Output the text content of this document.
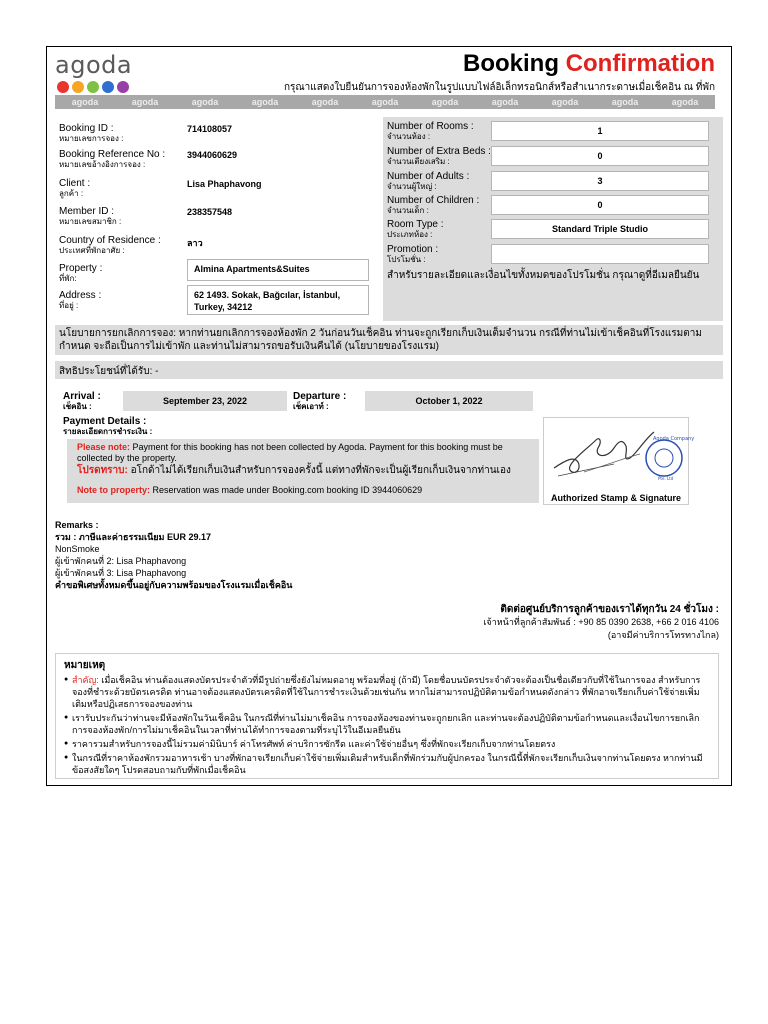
agoda	Booking Confirmation
กรุณาแสดงใบยืนยันการจองห้องพักในรูปแบบไฟล์อิเล็กทรอนิกส์หรือสำเนากระดาษเมื่อเช็คอิน ณ ที่พัก
agoda	agoda	agoda	agoda	agoda	agoda	agoda	agoda	agoda	agoda	agoda
Booking ID :
หมายเลขการจอง :
714108057
Booking Reference No :
หมายเลขอ้างอิงการจอง :
3944060629
Client :
ลูกค้า :
Lisa Phaphavong
Member ID :
หมายเลขสมาชิก :
238357548
Country of Residence :
ประเทศที่พักอาศัย :
ลาว
Property :
ที่พัก:
Almina Apartments&Suites
Address :
ที่อยู่ :
62 1493. Sokak, Bağcılar, İstanbul, Turkey, 34212
Number of Rooms :
จำนวนห้อง :
1
Number of Extra Beds :
จำนวนเตียงเสริม :
0
Number of Adults :
จำนวนผู้ใหญ่ :
3
Number of Children :
จำนวนเด็ก :
0
Room Type :
ประเภทห้อง :
Standard Triple Studio
Promotion :
โปรโมชั่น :
สำหรับรายละเอียดและเงื่อนไขทั้งหมดของโปรโมชั่น กรุณาดูที่อีเมลยืนยัน
นโยบายการยกเลิกการจอง: หากท่านยกเลิกการจองห้องพัก 2 วันก่อนวันเช็คอิน ท่านจะถูกเรียกเก็บเงินเต็มจำนวน กรณีที่ท่านไม่เข้าเช็คอินที่โรงแรมตามกำหนด จะถือเป็นการไม่เข้าพัก และท่านไม่สามารถขอรับเงินคืนได้ (นโยบายของโรงแรม)
สิทธิประโยชน์ที่ได้รับ: -
Arrival :
เช็คอิน :
September 23, 2022	Departure :
เช็คเอาท์ :
October 1, 2022
Payment Details :
รายละเอียดการชำระเงิน :
Please note: Payment for this booking has not been collected by Agoda. Payment for this booking must be collected by the property.
โปรดทราบ: อโกด้าไม่ได้เรียกเก็บเงินสำหรับการจองครั้งนี้ แต่ทางที่พักจะเป็นผู้เรียกเก็บเงินจากท่านเอง
Note to property: Reservation was made under Booking.com booking ID 3944060629
Agoda Company
Pte. Ltd
Authorized Stamp & Signature
Remarks :
รวม : ภาษีและค่าธรรมเนียม EUR 29.17
NonSmoke
ผู้เข้าพักคนที่ 2: Lisa Phaphavong
ผู้เข้าพักคนที่ 3: Lisa Phaphavong
คำขอพิเศษทั้งหมดขึ้นอยู่กับความพร้อมของโรงแรมเมื่อเช็คอิน
ติดต่อศูนย์บริการลูกค้าของเราได้ทุกวัน 24 ชั่วโมง :
เจ้าหน้าที่ลูกค้าสัมพันธ์ : +90 85 0390 2638, +66 2 016 4106
(อาจมีค่าบริการโทรทางไกล)
หมายเหตุ
● สำคัญ: เมื่อเช็คอิน ท่านต้องแสดงบัตรประจำตัวที่มีรูปถ่ายซึ่งยังไม่หมดอายุ พร้อมที่อยู่ (ถ้ามี) โดยชื่อบนบัตรประจำตัวจะต้องเป็นชื่อเดียวกับที่ใช้ในการจอง สำหรับการจองที่ชำระด้วยบัตรเครดิต ท่านอาจต้องแสดงบัตรเครดิตที่ใช้ในการชำระเงินด้วยเช่นกัน หากไม่สามารถปฏิบัติตามข้อกำหนดดังกล่าว ที่พักอาจเรียกเก็บค่าใช้จ่ายเพิ่มเติมหรือปฏิเสธการจองของท่าน
● เรารับประกันว่าท่านจะมีห้องพักในวันเช็คอิน ในกรณีที่ท่านไม่มาเช็คอิน การจองห้องของท่านจะถูกยกเลิก และท่านจะต้องปฏิบัติตามข้อกำหนดและเงื่อนไขการยกเลิกการจองห้องพัก/การไม่มาเช็คอินในเวลาที่ท่านได้ทำการจองตามที่ระบุไว้ในอีเมลยืนยัน
● ราคารวมสำหรับการจองนี้ไม่รวมค่ามินิบาร์ ค่าโทรศัพท์ ค่าบริการซักรีด และค่าใช้จ่ายอื่นๆ ซึ่งที่พักจะเรียกเก็บจากท่านโดยตรง
● ในกรณีที่ราคาห้องพักรวมอาหารเช้า บางที่พักอาจเรียกเก็บค่าใช้จ่ายเพิ่มเติมสำหรับเด็กที่พักร่วมกับผู้ปกครอง ในกรณีนี้ที่พักจะเรียกเก็บเงินจากท่านโดยตรง หากท่านมีข้อสงสัยใดๆ โปรดสอบถามกับที่พักเมื่อเช็คอิน
